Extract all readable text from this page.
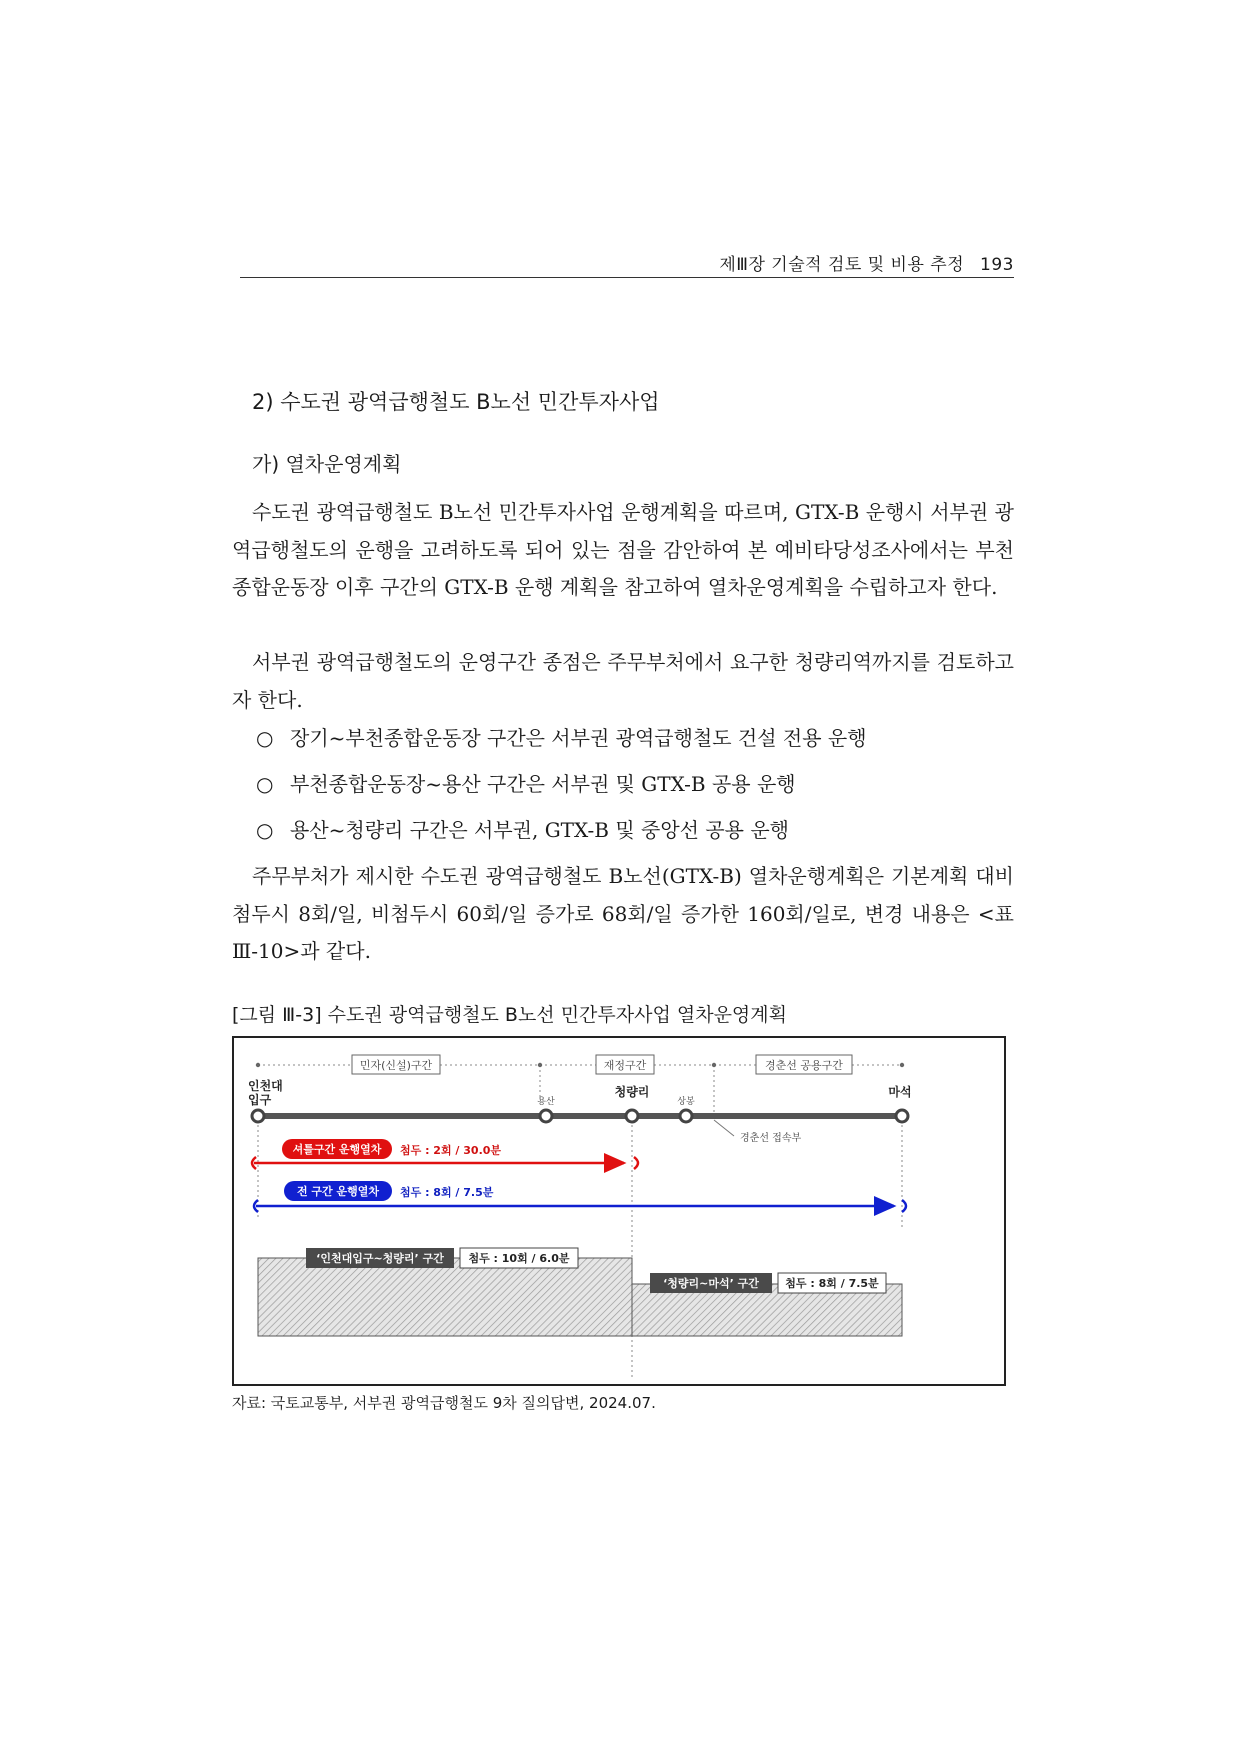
제Ⅲ장 기술적 검토 및 비용 추정 193
2) 수도권 광역급행철도 B노선 민간투자사업
가) 열차운영계획

수도권 광역급행철도 B노선 민간투자사업 운행계획을 따르며, GTX-B 운행시 서부권 광역급행철도의 운행을 고려하도록 되어 있는 점을 감안하여 본 예비타당성조사에서는 부천종합운동장 이후 구간의 GTX-B 운행 계획을 참고하여 열차운영계획을 수립하고자 한다.

서부권 광역급행철도의 운영구간 종점은 주무부처에서 요구한 청량리역까지를 검토하고자 한다.

○ 장기~부천종합운동장 구간은 서부권 광역급행철도 건설 전용 운행
○ 부천종합운동장~용산 구간은 서부권 및 GTX-B 공용 운행
○ 용산~청량리 구간은 서부권, GTX-B 및 중앙선 공용 운행

주무부처가 제시한 수도권 광역급행철도 B노선(GTX-B) 열차운행계획은 기본계획 대비 첨두시 8회/일, 비첨두시 60회/일 증가로 68회/일 증가한 160회/일로, 변경 내용은 <표 Ⅲ-10>과 같다.

[그림 Ⅲ-3] 수도권 광역급행철도 B노선 민간투자사업 열차운영계획
민자(신설)구간	재정구간	경춘선 공용구간
인천대
입구	용산
청량리
상봉
마석
경춘선 접속부
셔틀구간 운행열차 첨두 : 2회 / 30.0분
전 구간 운행열차 첨두 : 8회 / 7.5분
‘인천대입구~청량리’ 구간 첨두 : 10회 / 6.0분
‘청량리~마석’ 구간 첨두 : 8회 / 7.5분
자료: 국토교통부, 서부권 광역급행철도 9차 질의답변, 2024.07.
